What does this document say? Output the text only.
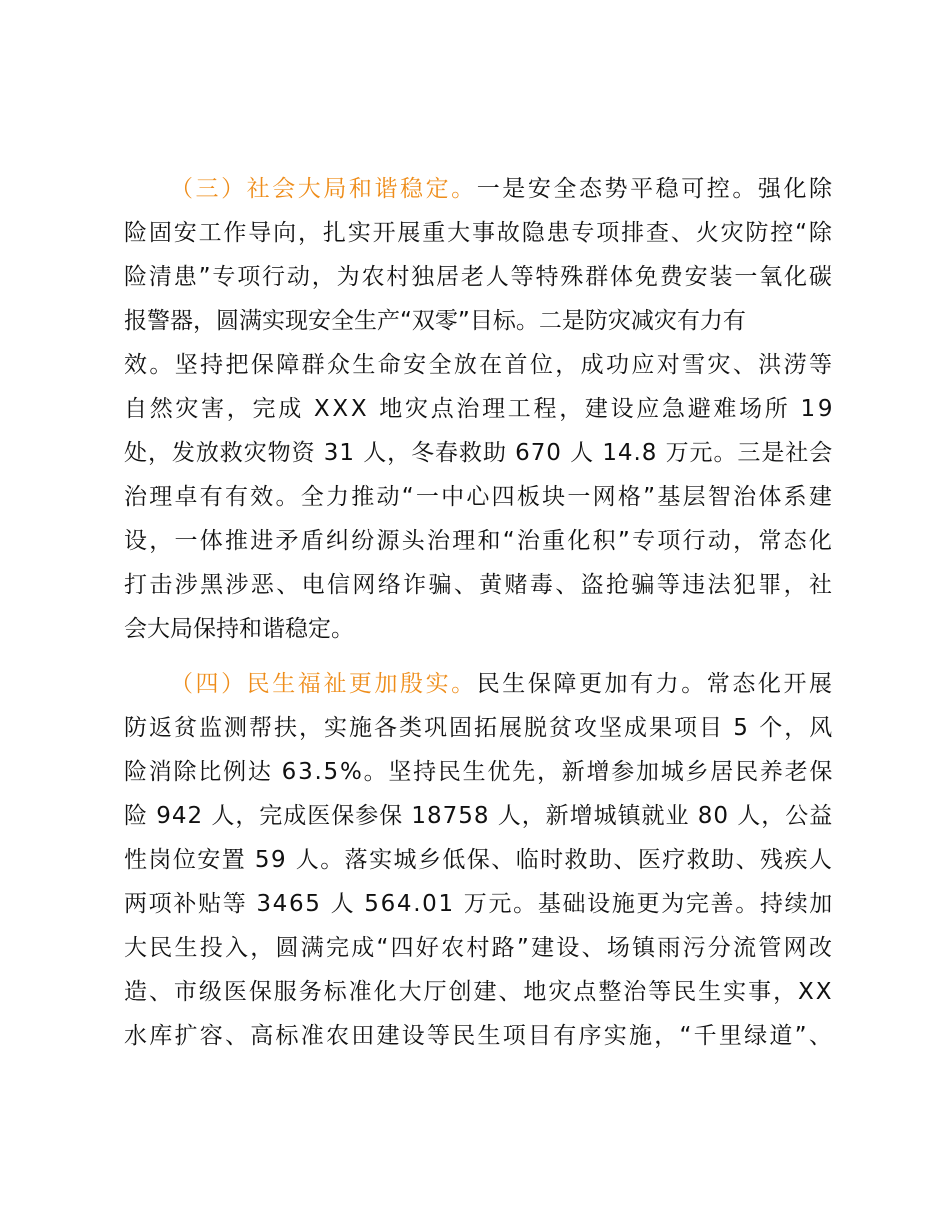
（三）社会大局和谐稳定。一是安全态势平稳可控。强化除
险固安工作导向，扎实开展重大事故隐患专项排查、火灾防控“除
险清患”专项行动，为农村独居老人等特殊群体免费安装一氧化碳
报警器，圆满实现安全生产“双零”目标。二是防灾减灾有力有
效。坚持把保障群众生命安全放在首位，成功应对雪灾、洪涝等
自然灾害，完成 XXX 地灾点治理工程，建设应急避难场所 19
处，发放救灾物资 31 人，冬春救助 670 人 14.8 万元。三是社会
治理卓有有效。全力推动“一中心四板块一网格”基层智治体系建
设，一体推进矛盾纠纷源头治理和“治重化积”专项行动，常态化
打击涉黑涉恶、电信网络诈骗、黄赌毒、盗抢骗等违法犯罪，社
会大局保持和谐稳定。
（四）民生福祉更加殷实。民生保障更加有力。常态化开展
防返贫监测帮扶，实施各类巩固拓展脱贫攻坚成果项目 5 个，风
险消除比例达 63.5%。坚持民生优先，新增参加城乡居民养老保
险 942 人，完成医保参保 18758 人，新增城镇就业 80 人，公益
性岗位安置 59 人。落实城乡低保、临时救助、医疗救助、残疾人
两项补贴等 3465 人 564.01 万元。基础设施更为完善。持续加
大民生投入，圆满完成“四好农村路”建设、场镇雨污分流管网改
造、市级医保服务标准化大厅创建、地灾点整治等民生实事，XX
水库扩容、高标准农田建设等民生项目有序实施，“千里绿道”、
